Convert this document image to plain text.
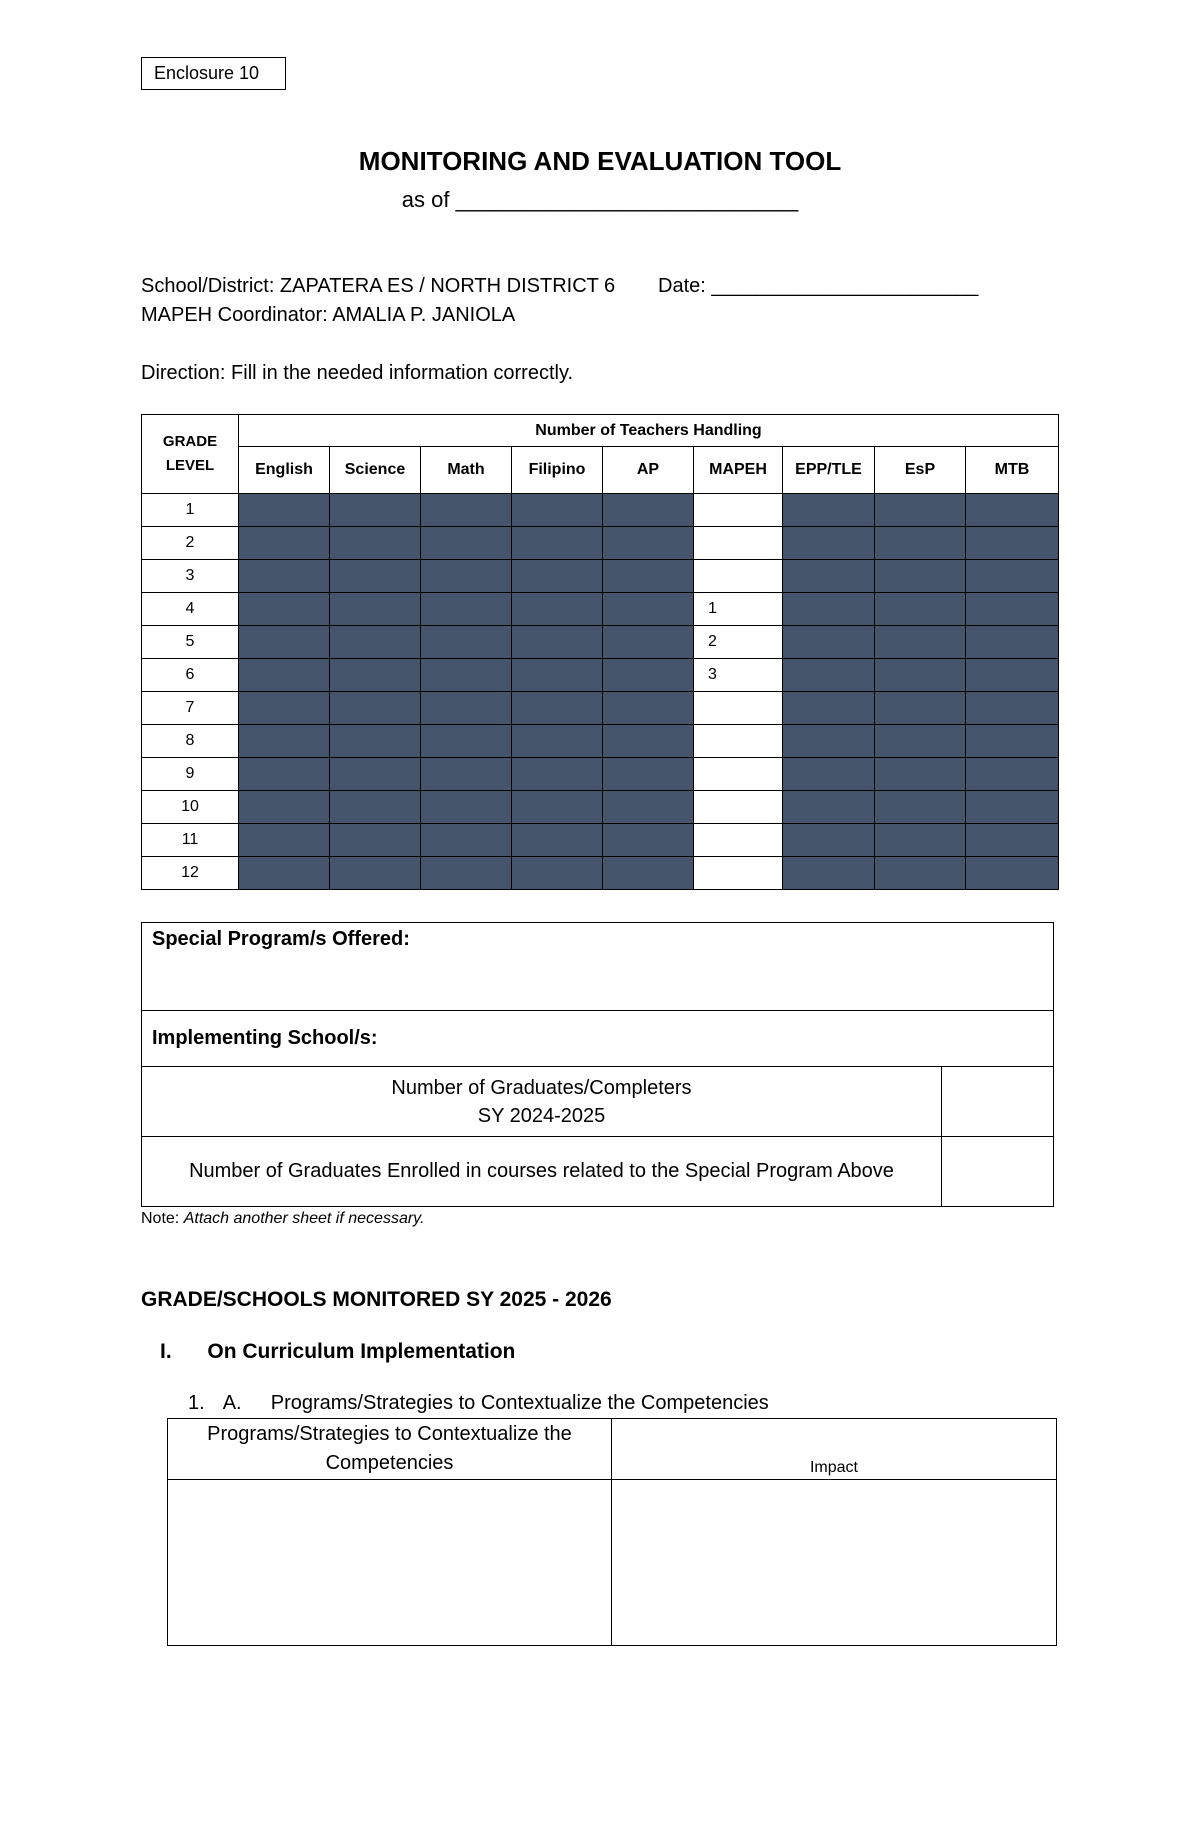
Enclosure 10
MONITORING AND EVALUATION TOOL
as of ____________________________
School/District: ZAPATERA ES / NORTH DISTRICT 6 Date: ________________________
MAPEH Coordinator: AMALIA P. JANIOLA
Direction: Fill in the needed information correctly.
GRADE LEVEL	Number of Teachers Handling								
	English	Science	Math	Filipino	AP	MAPEH	EPP/TLE	EsP	MTB
1									
2									
3									
4						1			
5						2			
6						3			
7									
8									
9									
10									
11									
12									
Special Program/s Offered:	
Implementing School/s:	

Number of Graduates/Completers
SY 2024-2025	

Number of Graduates Enrolled in courses related to the Special Program Above	
Note: Attach another sheet if necessary.
GRADE/SCHOOLS MONITORED SY 2025 - 2026
I. On Curriculum Implementation
1. A. Programs/Strategies to Contextualize the Competencies
Programs/Strategies to Contextualize the
Competencies	Impact
